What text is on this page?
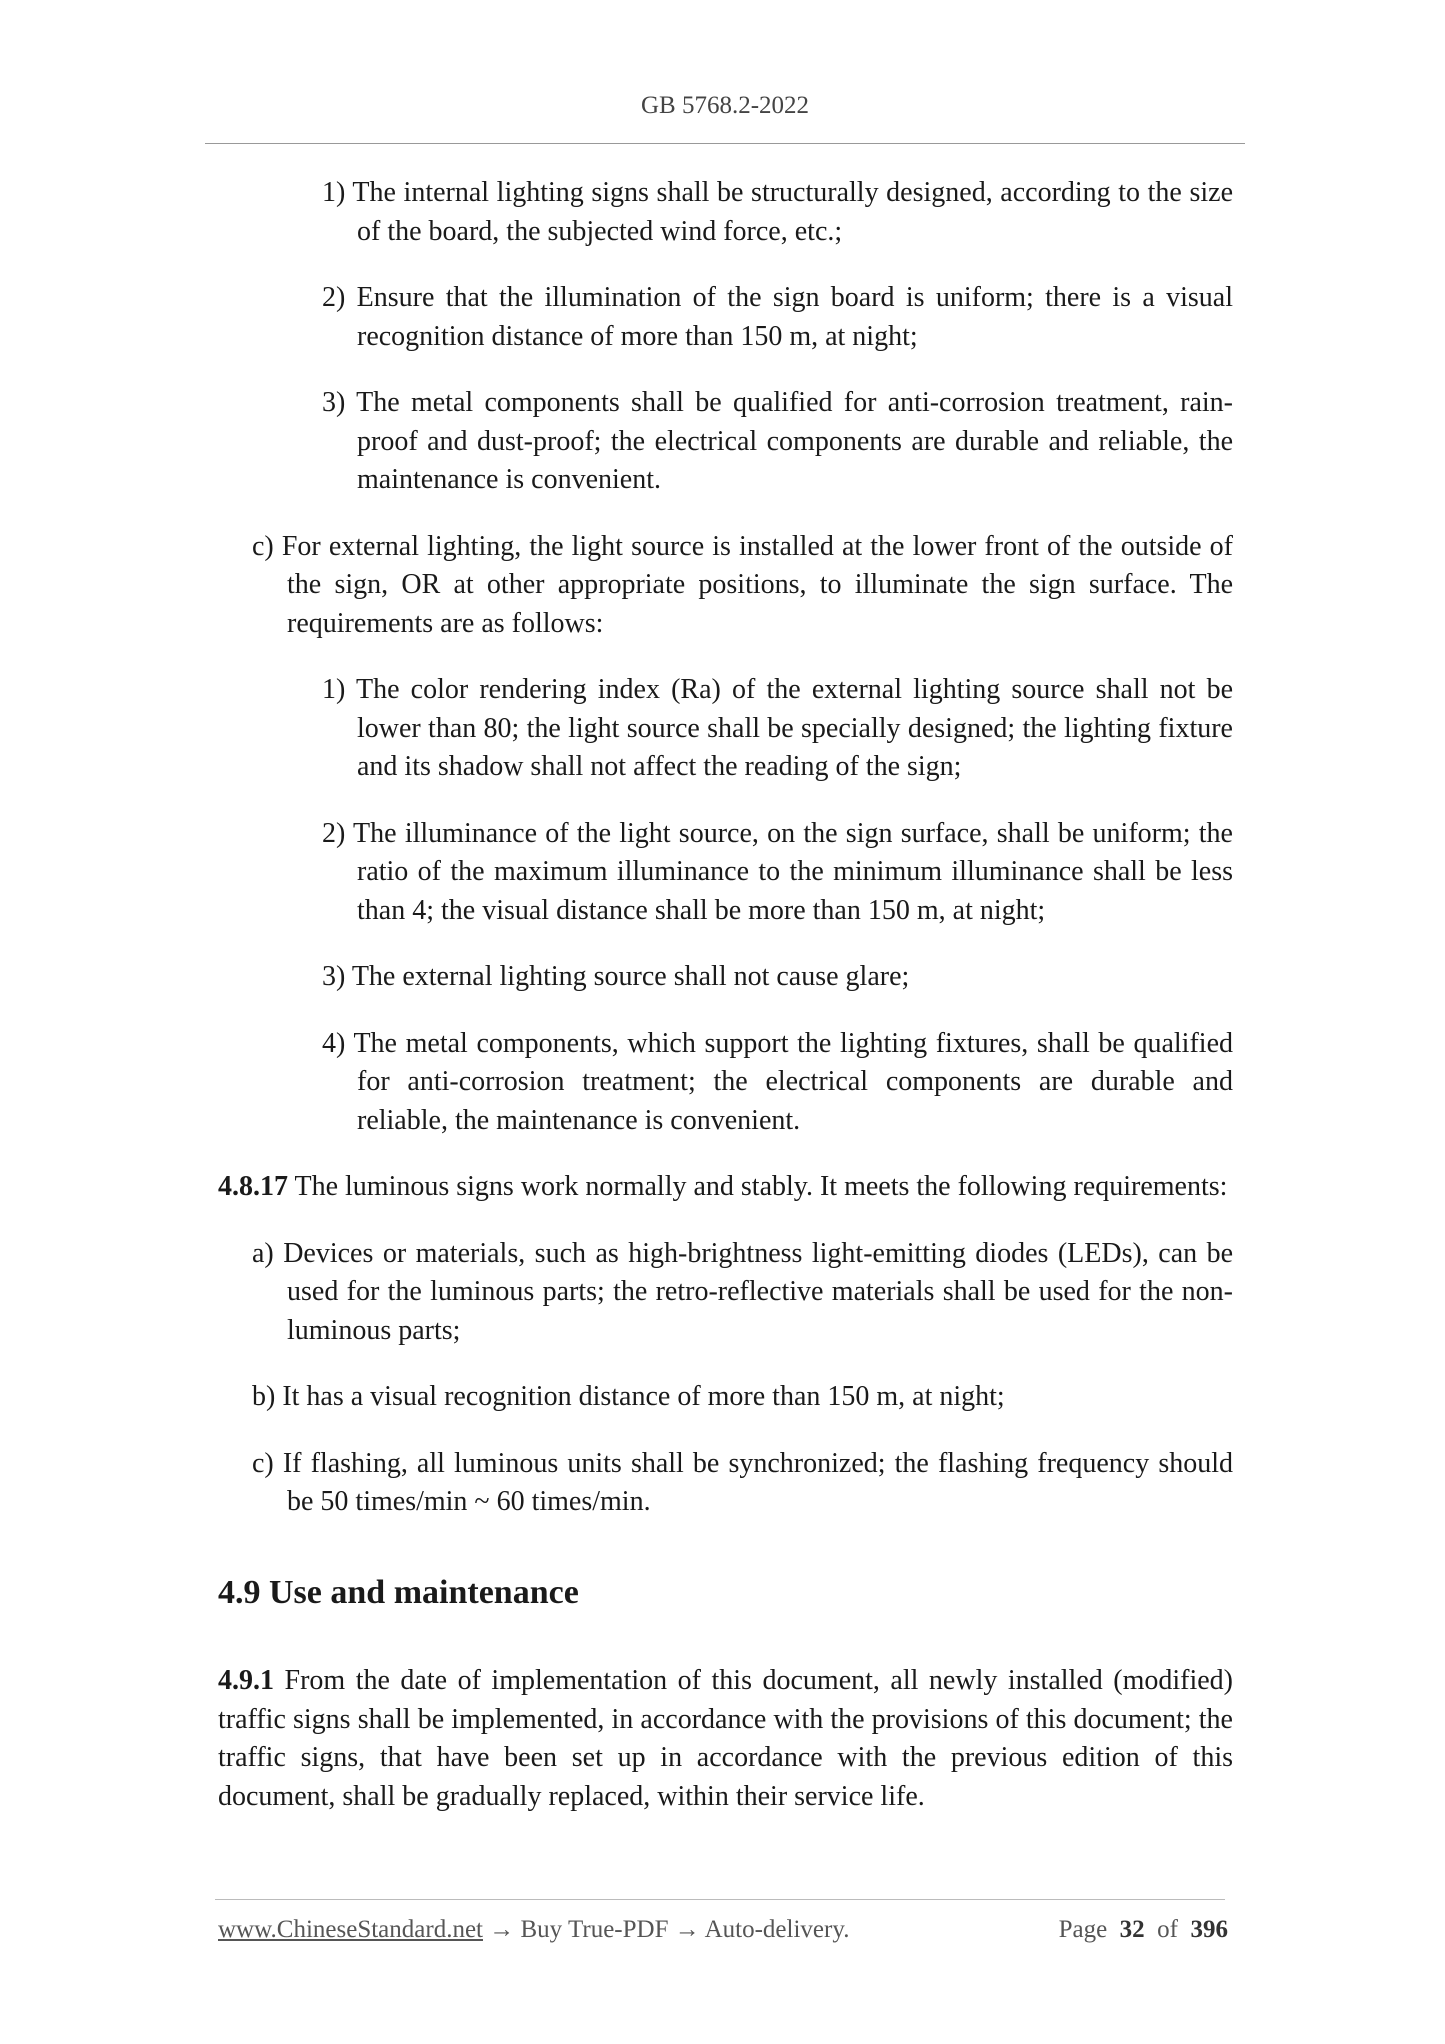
GB 5768.2-2022

1) The internal lighting signs shall be structurally designed, according to the size of the board, the subjected wind force, etc.;

2) Ensure that the illumination of the sign board is uniform; there is a visual recognition distance of more than 150 m, at night;

3) The metal components shall be qualified for anti-corrosion treatment, rain-proof and dust-proof; the electrical components are durable and reliable, the maintenance is convenient.

c) For external lighting, the light source is installed at the lower front of the outside of the sign, OR at other appropriate positions, to illuminate the sign surface. The requirements are as follows:

1) The color rendering index (Ra) of the external lighting source shall not be lower than 80; the light source shall be specially designed; the lighting fixture and its shadow shall not affect the reading of the sign;

2) The illuminance of the light source, on the sign surface, shall be uniform; the ratio of the maximum illuminance to the minimum illuminance shall be less than 4; the visual distance shall be more than 150 m, at night;

3) The external lighting source shall not cause glare;

4) The metal components, which support the lighting fixtures, shall be qualified for anti-corrosion treatment; the electrical components are durable and reliable, the maintenance is convenient.

4.8.17 The luminous signs work normally and stably. It meets the following requirements:

a) Devices or materials, such as high-brightness light-emitting diodes (LEDs), can be used for the luminous parts; the retro-reflective materials shall be used for the non-luminous parts;

b) It has a visual recognition distance of more than 150 m, at night;

c) If flashing, all luminous units shall be synchronized; the flashing frequency should be 50 times/min ~ 60 times/min.

4.9 Use and maintenance

4.9.1 From the date of implementation of this document, all newly installed (modified) traffic signs shall be implemented, in accordance with the provisions of this document; the traffic signs, that have been set up in accordance with the previous edition of this document, shall be gradually replaced, within their service life.

www.ChineseStandard.net → Buy True-PDF → Auto-delivery.	Page 32 of 396
